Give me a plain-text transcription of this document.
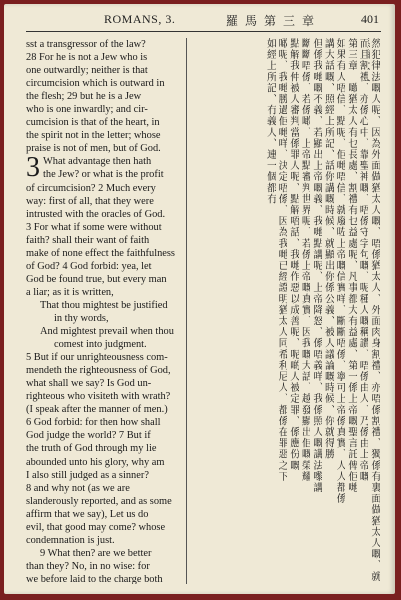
ROMANS, 3.	羅 馬 第 三 章	401
sst a transgressor of the law?
28 For he is not a Jew who is
one outwardly; neither is that
circumcision which is outward in
the flesh; 29 but he is a Jew
who is one inwardly; and cir-
cumcision is that of the heart, in
the spirit not in the letter; whose
praise is not of men, but of God.
3 What advantage then hath
the Jew? or what is the profit
of circumcision? 2 Much every
way: first of all, that they were
intrusted with the oracles of God.
3 For what if some were without
faith? shall their want of faith
make of none effect the faithfulness
of God? 4 God forbid: yea, let
God be found true, but every man
a liar; as it is written,
That thou mightest be justified
in thy words,
And mightest prevail when thou
comest into judgment.
5 But if our unrighteousness com-
mendeth the righteousness of God,
what shall we say? Is God un-
righteous who visiteth with wrath?
(I speak after the manner of men.)
6 God forbid: for then how shall
God judge the world? 7 But if
the truth of God through my lie
abounded unto his glory, why am
I also still judged as a sinner?
8 and why not (as we are
slanderously reported, and as some
affirm that we say), Let us do
evil, that good may come? whose
condemnation is just.
9 What then? are we better
than they? No, in no wise: for
we before laid to the charge both
然犯律法嘅人呢、因為外面做猶太人嘅、唔係猶太人、外面肉身割禮、亦唔係割禮、獨係有裏面做猶太人嘅、就
而且割禮、亦係心中、靠聖神嘅、唔係守字句嘅、呢種人嘅稱讚、唔係由人、乃係由上帝嘅
第三章　噉猶太人有乜長處、割禮有乜益處呢、凡事都大有益處、第一係上帝嘅聖言託俾佢哋
如果有人唔信、點呢、佢哋唔信、就廢咗上帝嘅信實咩、斷斷唔係、寧可上帝係真實、人人都係
講大話嘅、照經上所記、話你講嘅時候、就顯出你係公義、被人議論嘅時候、你就得勝
但係我哋嘅不義、若顯出上帝嘅義、我哋點講呢、上帝降怒、係唔義咩、我係照人嘅講法嚟講
斷斷唔係、若係噉、上帝點審判世界呢、若係上帝嘅真實、因我嘅大話、越發顯出佢嘅榮耀
點解我仲被人審判當係罪人呢、點解唔話、我哋作惡以成善呢、呢啲人被定罪、係應份嘅
噉呢、我哋勝過佢哋咩、決定唔係、因為我哋已經證明猶太人同希利尼人、都係在罪惡之下
如經上所記、冇義人、連一個都冇
